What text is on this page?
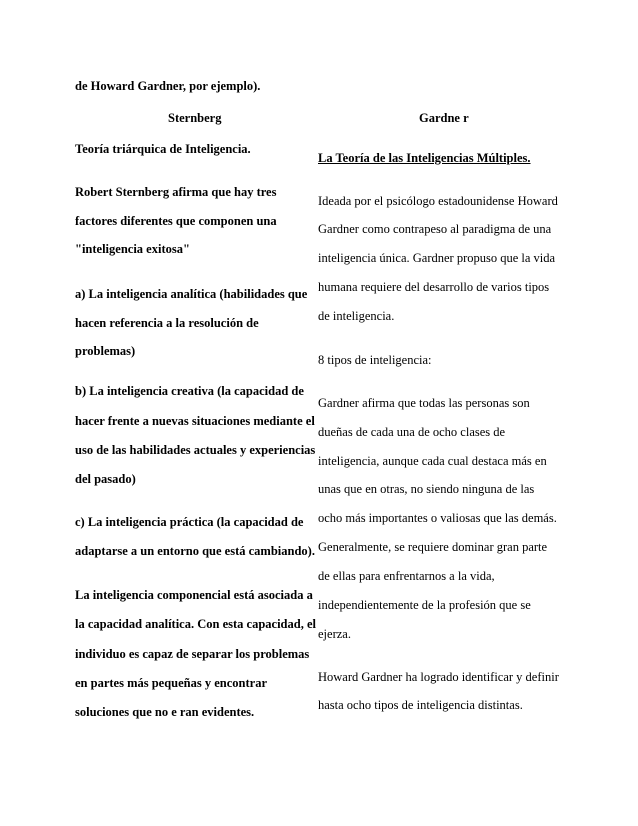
de Howard Gardner, por ejemplo).
Sternberg
Teoría triárquica de Inteligencia.
Robert Sternberg afirma que hay tres
factores diferentes que componen una
"inteligencia exitosa"
a) La inteligencia analítica (habilidades que
hacen referencia a la resolución de
problemas)
b) La inteligencia creativa (la capacidad de
hacer frente a nuevas situaciones mediante el
uso de las habilidades actuales y experiencias
del pasado)
c) La inteligencia práctica (la capacidad de
adaptarse a un entorno que está cambiando).
La inteligencia componencial está asociada a
la capacidad analítica. Con esta capacidad, el
individuo es capaz de separar los problemas
en partes más pequeñas y encontrar
soluciones que no e ran evidentes.
Gardne r
La Teoría de las Inteligencias Múltiples.
Ideada por el psicólogo estadounidense Howard
Gardner como contrapeso al paradigma de una
inteligencia única. Gardner propuso que la vida
humana requiere del desarrollo de varios tipos
de inteligencia.
8 tipos de inteligencia:
Gardner afirma que todas las personas son
dueñas de cada una de ocho clases de
inteligencia, aunque cada cual destaca más en
unas que en otras, no siendo ninguna de las
ocho más importantes o valiosas que las demás.
Generalmente, se requiere dominar gran parte
de ellas para enfrentarnos a la vida,
independientemente de la profesión que se
ejerza.
Howard Gardner ha logrado identificar y definir
hasta ocho tipos de inteligencia distintas.
